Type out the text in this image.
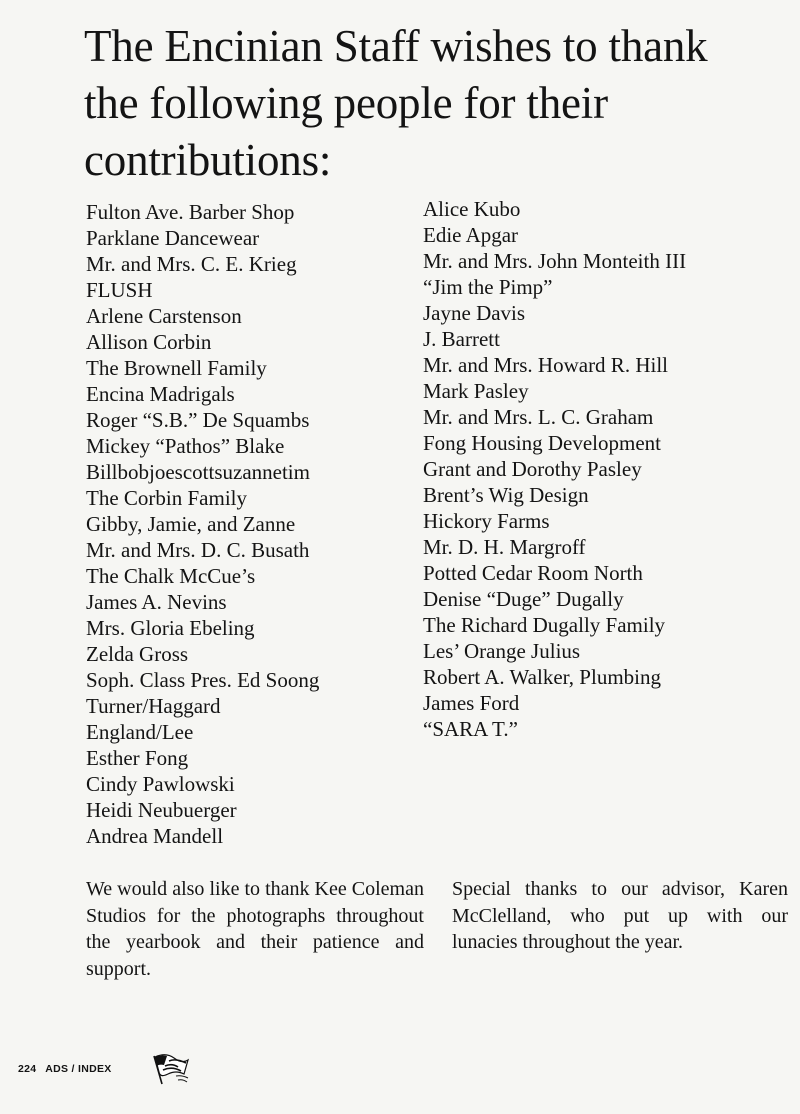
The Encinian Staff wishes to thank
the following people for their
contributions:
Fulton Ave. Barber Shop
Parklane Dancewear
Mr. and Mrs. C. E. Krieg
FLUSH
Arlene Carstenson
Allison Corbin
The Brownell Family
Encina Madrigals
Roger “S.B.” De Squambs
Mickey “Pathos” Blake
Billbobjoescottsuzannetim
The Corbin Family
Gibby, Jamie, and Zanne
Mr. and Mrs. D. C. Busath
The Chalk McCue’s
James A. Nevins
Mrs. Gloria Ebeling
Zelda Gross
Soph. Class Pres. Ed Soong
Turner/Haggard
England/Lee
Esther Fong
Cindy Pawlowski
Heidi Neubuerger
Andrea Mandell
Alice Kubo
Edie Apgar
Mr. and Mrs. John Monteith III
“Jim the Pimp”
Jayne Davis
J. Barrett
Mr. and Mrs. Howard R. Hill
Mark Pasley
Mr. and Mrs. L. C. Graham
Fong Housing Development
Grant and Dorothy Pasley
Brent’s Wig Design
Hickory Farms
Mr. D. H. Margroff
Potted Cedar Room North
Denise “Duge” Dugally
The Richard Dugally Family
Les’ Orange Julius
Robert A. Walker, Plumbing
James Ford
“SARA T.”

We would also like to thank Kee Coleman Studios for the photographs throughout the yearbook and their patience and support.

Special thanks to our advisor, Karen McClelland, who put up with our lunacies throughout the year.

224 ADS / INDEX
